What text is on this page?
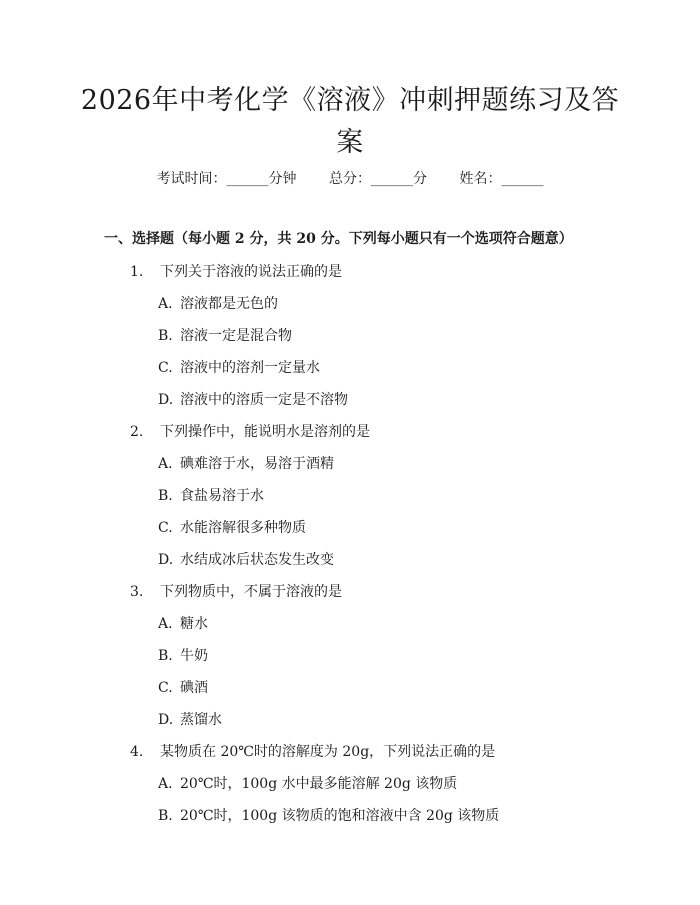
2026年中考化学《溶液》冲刺押题练习及答案
考试时间：______分钟 总分：______分 姓名：______
一、选择题（每小题 2 分，共 20 分。下列每小题只有一个选项符合题意）
1. 下列关于溶液的说法正确的是
A. 溶液都是无色的
B. 溶液一定是混合物
C. 溶液中的溶剂一定量水
D. 溶液中的溶质一定是不溶物
2. 下列操作中，能说明水是溶剂的是
A. 碘难溶于水，易溶于酒精
B. 食盐易溶于水
C. 水能溶解很多种物质
D. 水结成冰后状态发生改变
3. 下列物质中，不属于溶液的是
A. 糖水
B. 牛奶
C. 碘酒
D. 蒸馏水
4. 某物质在 20℃时的溶解度为 20g，下列说法正确的是
A. 20℃时，100g 水中最多能溶解 20g 该物质
B. 20℃时，100g 该物质的饱和溶液中含 20g 该物质
